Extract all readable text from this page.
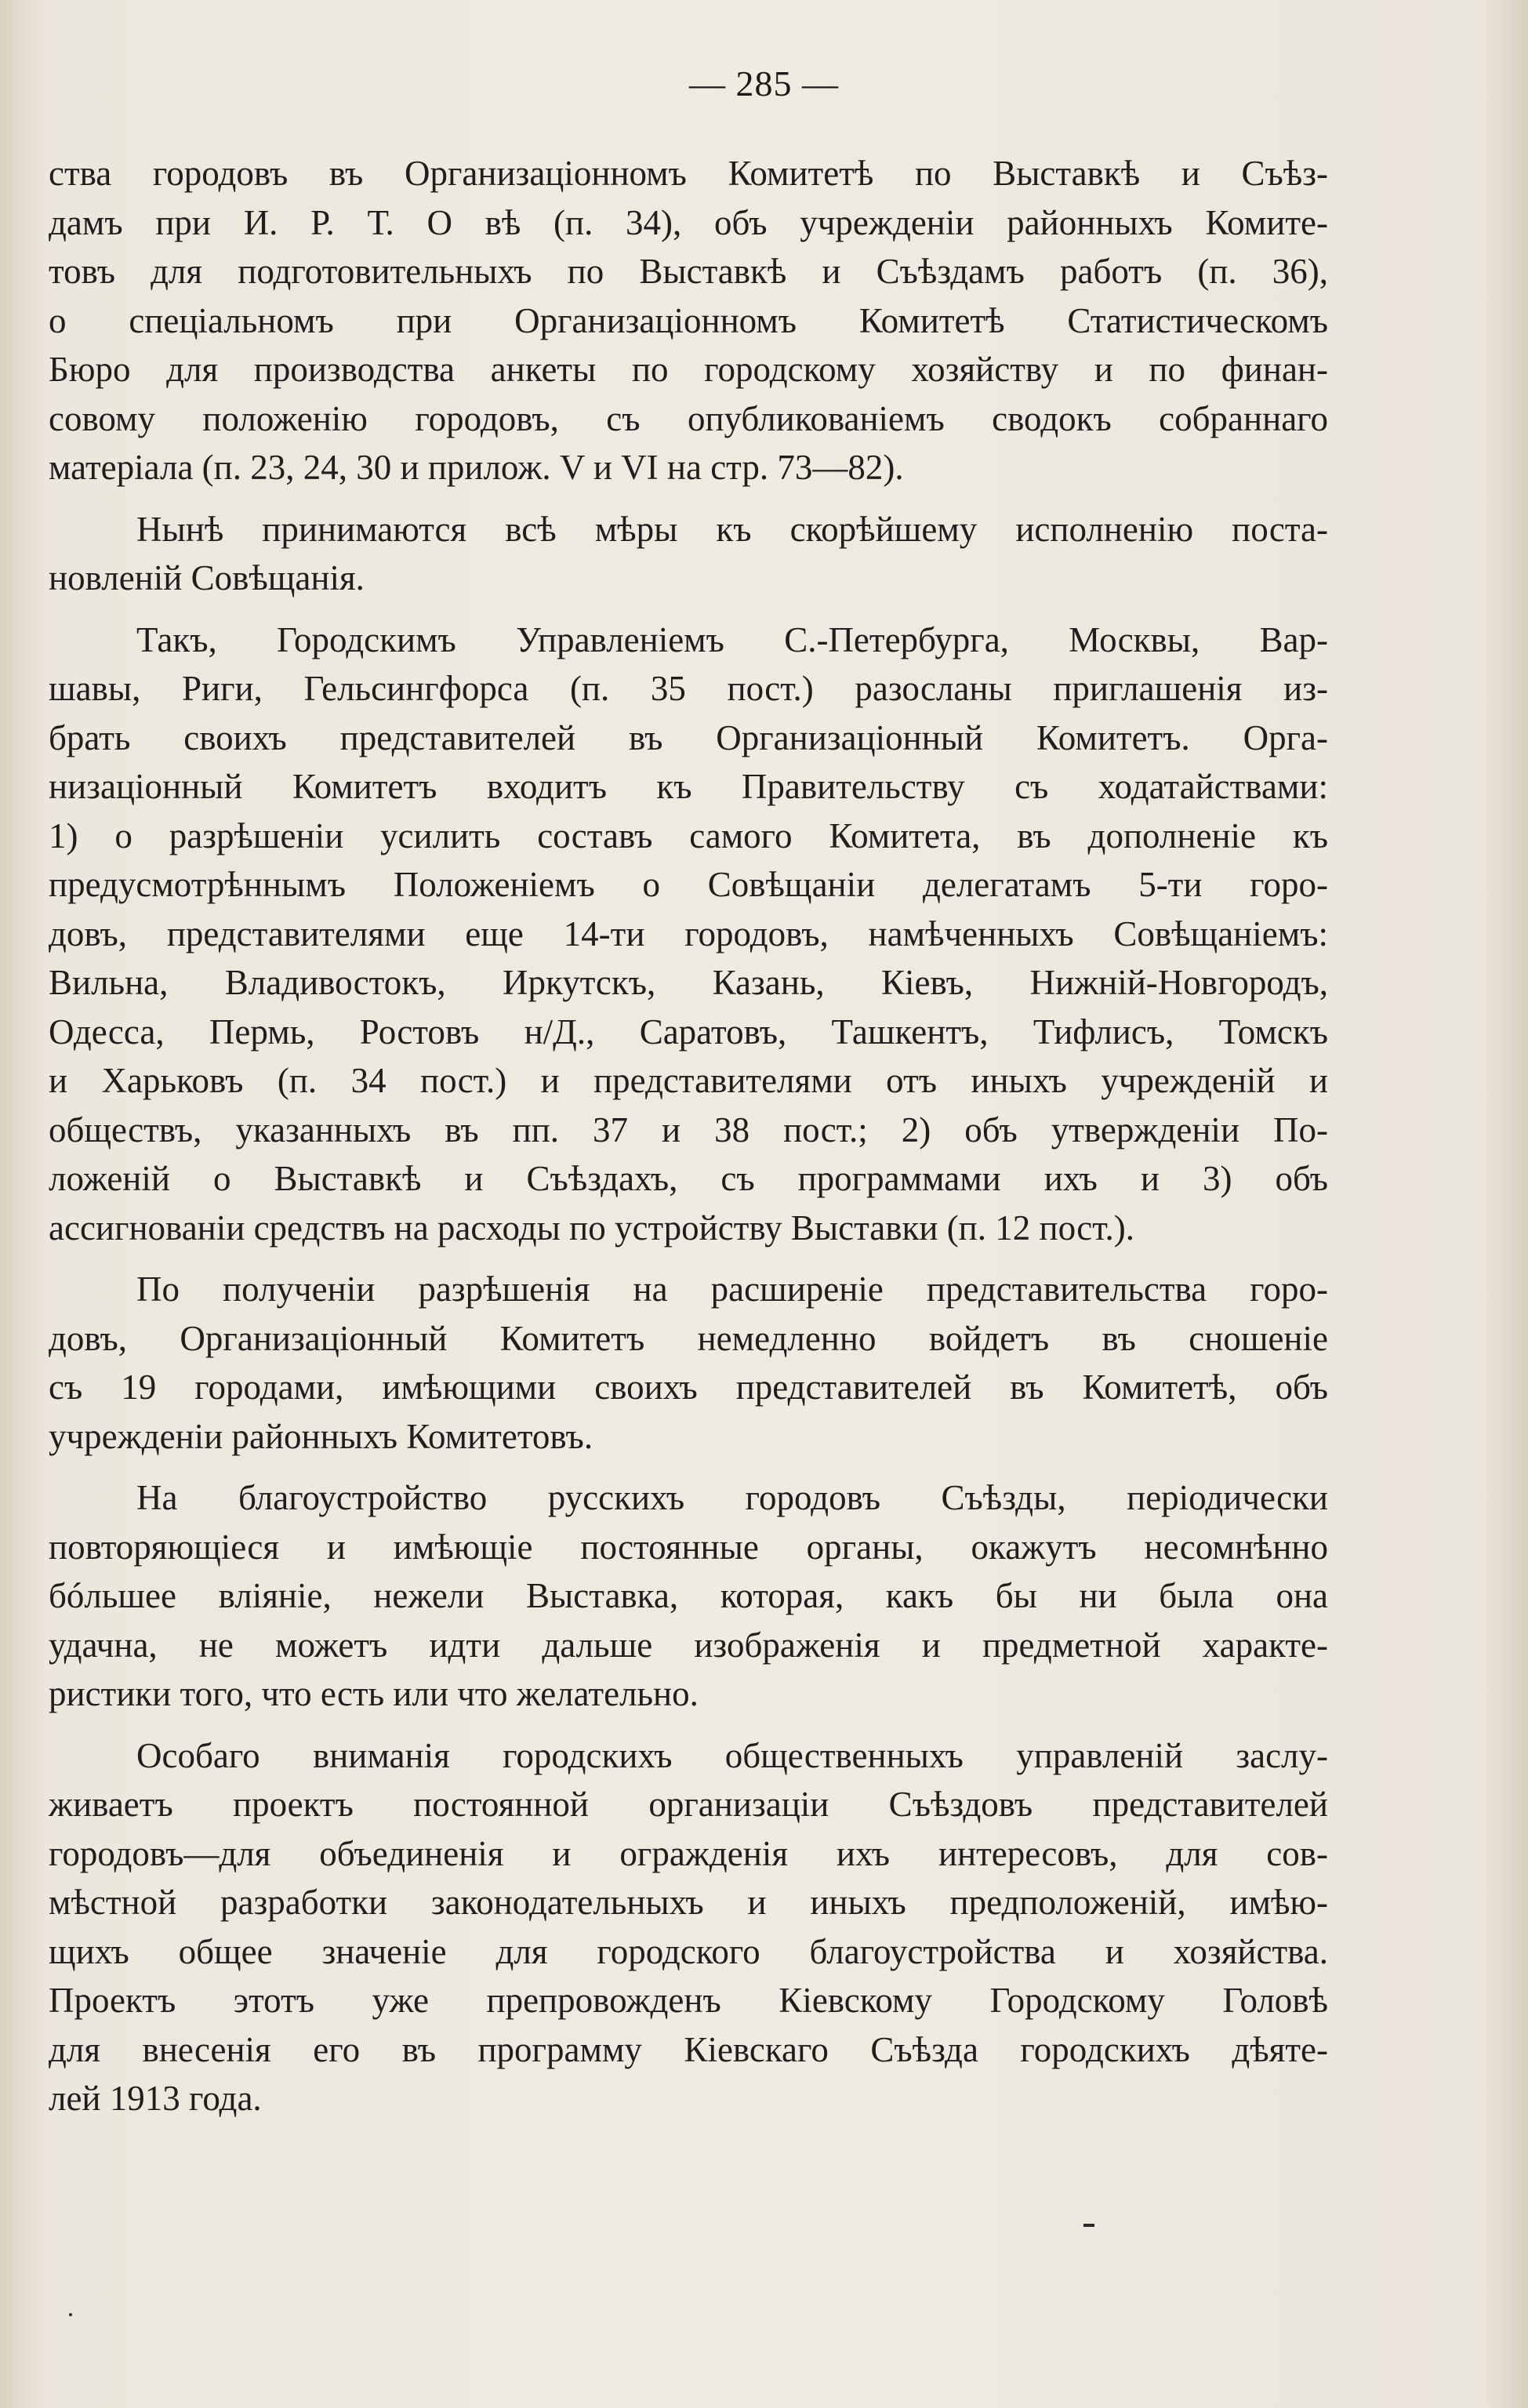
— 285 —
ства городовъ въ Организаціонномъ Комитетѣ по Выставкѣ и Съѣз-
дамъ при И. Р. Т. О вѣ (п. 34), объ учрежденіи районныхъ Комите-
товъ для подготовительныхъ по Выставкѣ и Съѣздамъ работъ (п. 36),
о спеціальномъ при Организаціонномъ Комитетѣ Статистическомъ
Бюро для производства анкеты по городскому хозяйству и по финан-
совому положенію городовъ, съ опубликованіемъ сводокъ собраннаго
матеріала (п. 23, 24, 30 и прилож. V и VI на стр. 73—82).
Нынѣ принимаются всѣ мѣры къ скорѣйшему исполненію поста-
новленій Совѣщанія.
Такъ, Городскимъ Управленіемъ С.-Петербурга, Москвы, Вар-
шавы, Риги, Гельсингфорса (п. 35 пост.) разосланы приглашенія из-
брать своихъ представителей въ Организаціонный Комитетъ. Орга-
низаціонный Комитетъ входитъ къ Правительству съ ходатайствами:
1) о разрѣшеніи усилить составъ самого Комитета, въ дополненіе къ
предусмотрѣннымъ Положеніемъ о Совѣщаніи делегатамъ 5-ти горо-
довъ, представителями еще 14-ти городовъ, намѣченныхъ Совѣщаніемъ:
Вильна, Владивостокъ, Иркутскъ, Казань, Кіевъ, Нижній-Новгородъ,
Одесса, Пермь, Ростовъ н/Д., Саратовъ, Ташкентъ, Тифлисъ, Томскъ
и Харьковъ (п. 34 пост.) и представителями отъ иныхъ учрежденій и
обществъ, указанныхъ въ пп. 37 и 38 пост.; 2) объ утвержденіи По-
ложеній о Выставкѣ и Съѣздахъ, съ программами ихъ и 3) объ
ассигнованіи средствъ на расходы по устройству Выставки (п. 12 пост.).
По полученіи разрѣшенія на расширеніе представительства горо-
довъ, Организаціонный Комитетъ немедленно войдетъ въ сношеніе
съ 19 городами, имѣющими своихъ представителей въ Комитетѣ, объ
учрежденіи районныхъ Комитетовъ.
На благоустройство русскихъ городовъ Съѣзды, періодически
повторяющіеся и имѣющіе постоянные органы, окажутъ несомнѣнно
бóльшее вліяніе, нежели Выставка, которая, какъ бы ни была она
удачна, не можетъ идти дальше изображенія и предметной характе-
ристики того, что есть или что желательно.
Особаго вниманія городскихъ общественныхъ управленій заслу-
живаетъ проектъ постоянной организаціи Съѣздовъ представителей
городовъ—для объединенія и огражденія ихъ интересовъ, для сов-
мѣстной разработки законодательныхъ и иныхъ предположеній, имѣю-
щихъ общее значеніе для городского благоустройства и хозяйства.
Проектъ этотъ уже препровожденъ Кіевскому Городскому Головѣ
для внесенія его въ программу Кіевскаго Съѣзда городскихъ дѣяте-
лей 1913 года.
